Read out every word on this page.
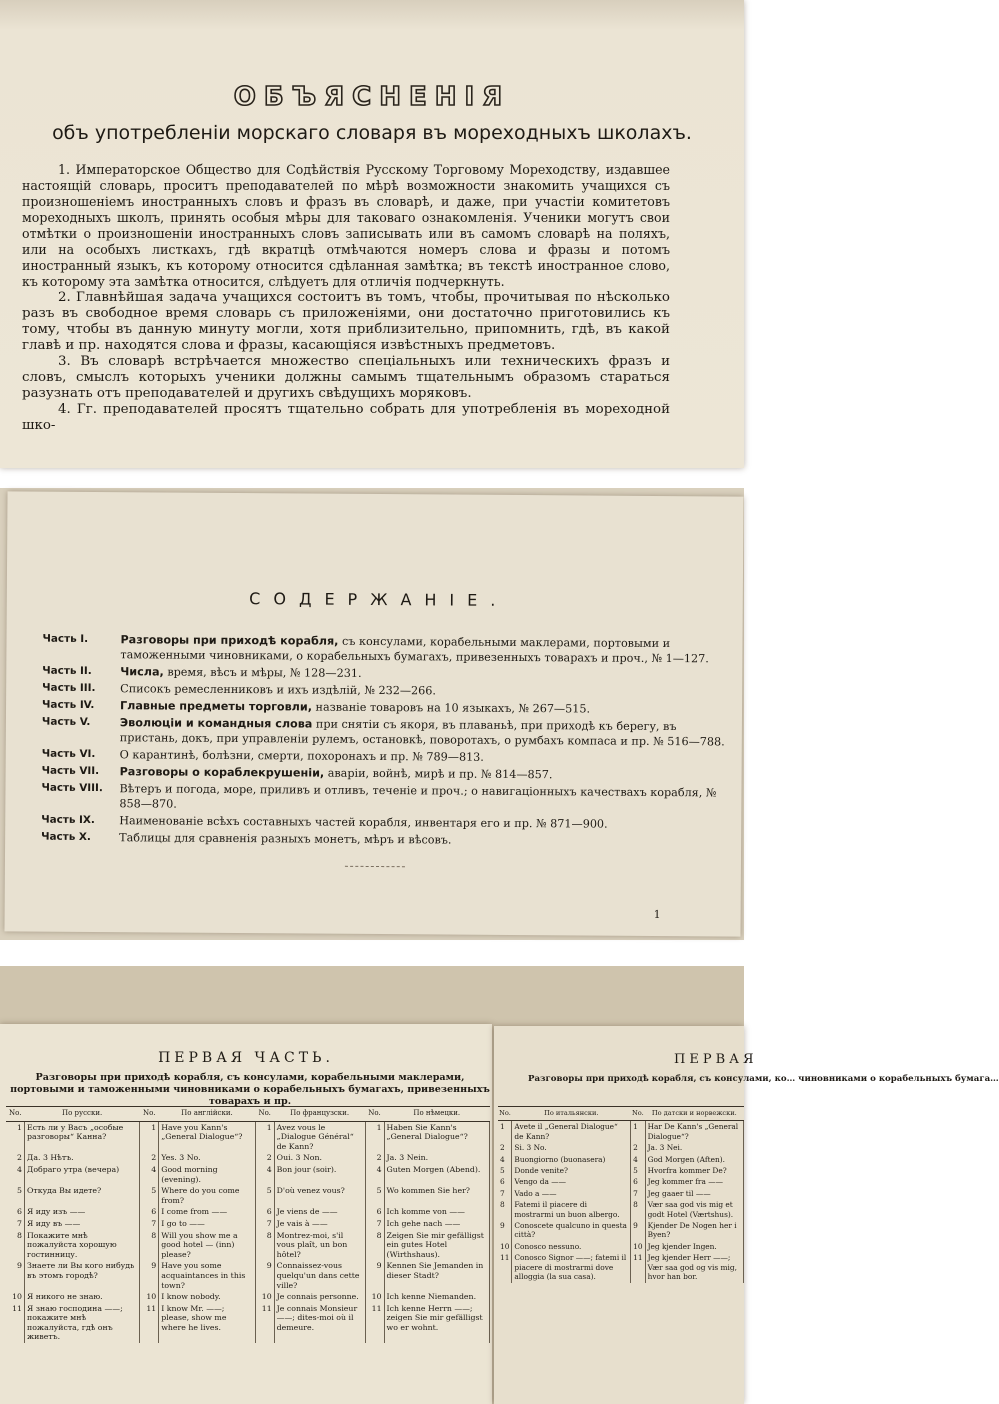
ОБЪЯСНЕНІЯ
объ употребленіи морскаго словаря въ мореходныхъ школахъ.

1. Императорское Общество для Содѣйствія Русскому Торговому Мореходству, издавшее настоящій словарь, проситъ преподавателей по мѣрѣ возможности знакомить учащихся съ произношеніемъ иностранныхъ словъ и фразъ въ словарѣ, и даже, при участіи комитетовъ мореходныхъ школъ, принять особыя мѣры для таковаго ознакомленія. Ученики могутъ свои отмѣтки о произношеніи иностранныхъ словъ записывать или въ самомъ словарѣ на поляхъ, или на особыхъ листкахъ, гдѣ вкратцѣ отмѣчаются номеръ слова и фразы и потомъ иностранный языкъ, къ которому относится сдѣланная замѣтка; въ текстѣ иностранное слово, къ которому эта замѣтка относится, слѣдуетъ для отличія подчеркнуть.

2. Главнѣйшая задача учащихся состоитъ въ томъ, чтобы, прочитывая по нѣсколько разъ въ свободное время словарь съ приложеніями, они достаточно приготовились къ тому, чтобы въ данную минуту могли, хотя приблизительно, припомнить, гдѣ, въ какой главѣ и пр. находятся слова и фразы, касающіяся извѣстныхъ предметовъ.

3. Въ словарѣ встрѣчается множество спеціальныхъ или техническихъ фразъ и словъ, смыслъ которыхъ ученики должны самымъ тщательнымъ образомъ стараться разузнать отъ преподавателей и другихъ свѣдущихъ моряковъ.

4. Гг. преподавателей просятъ тщательно собрать для употребленія въ мореходной шко-

СОДЕРЖАНІЕ.
Часть I.	Разговоры при приходѣ корабля, съ консулами, корабельными маклерами, портовыми и таможенными чиновниками, о корабельныхъ бумагахъ, привезенныхъ товарахъ и проч., № 1—127.
Часть II.	Числа, время, вѣсъ и мѣры, № 128—231.
Часть III.	Списокъ ремесленниковъ и ихъ издѣлій, № 232—266.
Часть IV.	Главные предметы торговли, названіе товаровъ на 10 языкахъ, № 267—515.
Часть V.	Эволюціи и командныя слова при снятіи съ якоря, въ плаваньѣ, при приходѣ къ берегу, въ пристань, докъ, при управленіи рулемъ, остановкѣ, поворотахъ, о румбахъ компаса и пр. № 516—788.
Часть VI.	О карантинѣ, болѣзни, смерти, похоронахъ и пр. № 789—813.
Часть VII.	Разговоры о кораблекрушеніи, аваріи, войнѣ, мирѣ и пр. № 814—857.
Часть VIII.	Вѣтеръ и погода, море, приливъ и отливъ, теченіе и проч.; о навигаціонныхъ качествахъ корабля, № 858—870.
Часть IX.	Наименованіе всѣхъ составныхъ частей корабля, инвентаря его и пр. № 871—900.
Часть X.	Таблицы для сравненія разныхъ монетъ, мѣръ и вѣсовъ.
1
ПЕРВАЯ ЧАСТЬ.
Разговоры при приходѣ корабля, съ консулами, корабельными маклерами, портовыми и таможенными чиновниками о корабельныхъ бумагахъ, привезенныхъ товарахъ и пр.
No.	По русски.	No.	По англійски.	No.	По французски.	No.	По нѣмецки.
1	Есть ли у Васъ „особые разговоры“ Канна?	1	Have you Kann's „General Dialogue“?	1	Avez vous le „Dialogue Général“ de Kann?	1	Haben Sie Kann's „General Dialogue“?
2	Да. 3 Нѣтъ.	2	Yes. 3 No.	2	Oui. 3 Non.	2	Ja. 3 Nein.
4	Добраго утра (вечера)	4	Good morning (evening).	4	Bon jour (soir).	4	Guten Morgen (Abend).
5	Откуда Вы идете?	5	Where do you come from?	5	D'où venez vous?	5	Wo kommen Sie her?
6	Я иду изъ ——	6	I come from ——	6	Je viens de ——	6	Ich komme von ——
7	Я иду въ ——	7	I go to ——	7	Je vais à ——	7	Ich gehe nach ——
8	Покажите мнѣ пожалуйста хорошую гостинницу.	8	Will you show me a good hotel — (inn) please?	8	Montrez-moi, s'il vous plaît, un bon hôtel?	8	Zeigen Sie mir gefälligst ein gutes Hotel (Wirthshaus).
9	Знаете ли Вы кого нибудь въ этомъ городѣ?	9	Have you some acquaintances in this town?	9	Connaissez-vous quelqu'un dans cette ville?	9	Kennen Sie Jemanden in dieser Stadt?
10	Я никого не знаю.	10	I know nobody.	10	Je connais personne.	10	Ich kenne Niemanden.
11	Я знаю господина ——; покажите мнѣ пожалуйста, гдѣ онъ живетъ.	11	I know Mr. ——; please, show me where he lives.	11	Je connais Monsieur ——; dites-moi où il demeure.	11	Ich kenne Herrn ——; zeigen Sie mir gefälligst wo er wohnt.
ПЕРВАЯ
Разговоры при приходѣ корабля, съ консулами, ко… чиновниками о корабельныхъ бумага…
No.	По итальянски.	No.	По датски и норвежски.
1	Avete il „General Dialogue“ de Kann?	1	Har De Kann's „General Dialogue“?
2	Si. 3 No.	2	Ja. 3 Nei.
4	Buongiorno (buonasera)	4	God Morgen (Aften).
5	Donde venite?	5	Hvorfra kommer De?
6	Vengo da ——	6	Jeg kommer fra ——
7	Vado a ——	7	Jeg gaaer til ——
8	Fatemi il piacere di mostrarmi un buon albergo.	8	Vær saa god vis mig et godt Hotel (Værtshus).
9	Conoscete qualcuno in questa città?	9	Kjender De Nogen her i Byen?
10	Conosco nessuno.	10	Jeg kjender Ingen.
11	Conosco Signor ——; fatemi il piacere di mostrarmi dove alloggia (la sua casa).	11	Jeg kjender Herr ——; Vær saa god og vis mig, hvor han bor.
